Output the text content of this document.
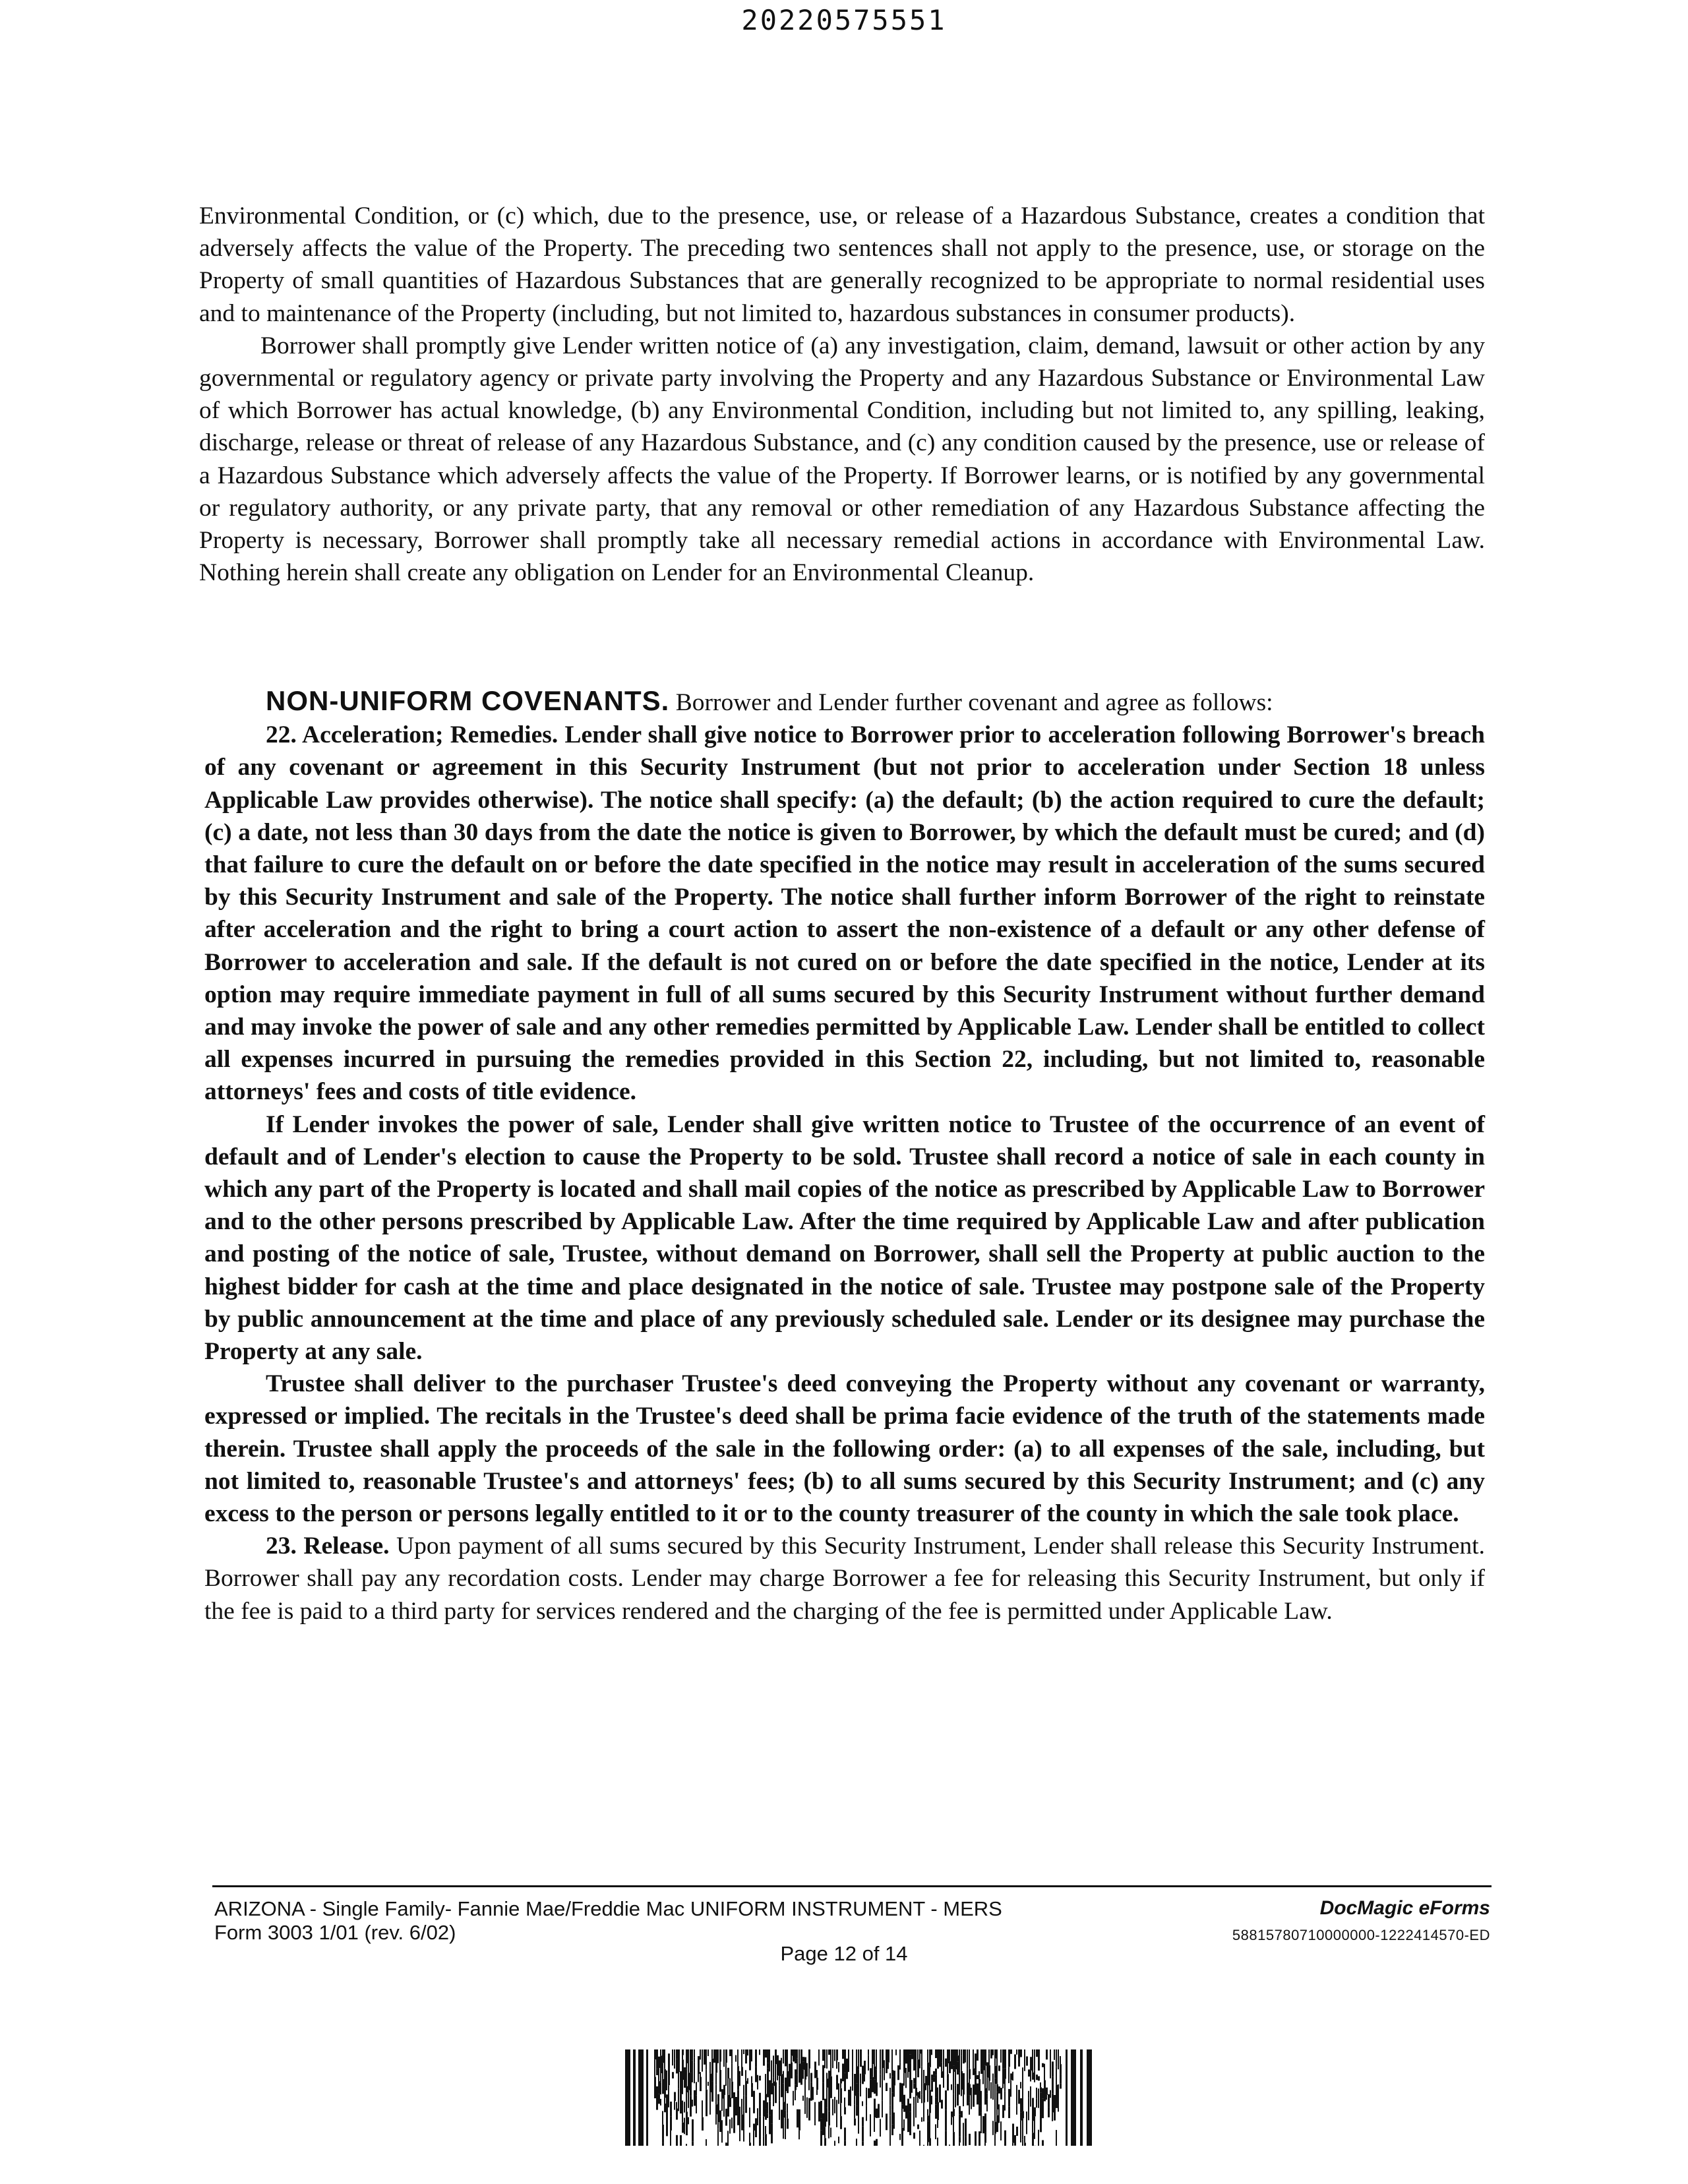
20220575551

Environmental Condition, or (c) which, due to the presence, use, or release of a Hazardous Substance, creates a condition that adversely affects the value of the Property. The preceding two sentences shall not apply to the presence, use, or storage on the Property of small quantities of Hazardous Substances that are generally recognized to be appropriate to normal residential uses and to maintenance of the Property (including, but not limited to, hazardous substances in consumer products).

Borrower shall promptly give Lender written notice of (a) any investigation, claim, demand, lawsuit or other action by any governmental or regulatory agency or private party involving the Property and any Hazardous Substance or Environmental Law of which Borrower has actual knowledge, (b) any Environmental Condition, including but not limited to, any spilling, leaking, discharge, release or threat of release of any Hazardous Substance, and (c) any condition caused by the presence, use or release of a Hazardous Substance which adversely affects the value of the Property. If Borrower learns, or is notified by any governmental or regulatory authority, or any private party, that any removal or other remediation of any Hazardous Substance affecting the Property is necessary, Borrower shall promptly take all necessary remedial actions in accordance with Environmental Law. Nothing herein shall create any obligation on Lender for an Environmental Cleanup.

NON-UNIFORM COVENANTS. Borrower and Lender further covenant and agree as follows:

22. Acceleration; Remedies. Lender shall give notice to Borrower prior to acceleration following Borrower's breach of any covenant or agreement in this Security Instrument (but not prior to acceleration under Section 18 unless Applicable Law provides otherwise). The notice shall specify: (a) the default; (b) the action required to cure the default; (c) a date, not less than 30 days from the date the notice is given to Borrower, by which the default must be cured; and (d) that failure to cure the default on or before the date specified in the notice may result in acceleration of the sums secured by this Security Instrument and sale of the Property. The notice shall further inform Borrower of the right to reinstate after acceleration and the right to bring a court action to assert the non-existence of a default or any other defense of Borrower to acceleration and sale. If the default is not cured on or before the date specified in the notice, Lender at its option may require immediate payment in full of all sums secured by this Security Instrument without further demand and may invoke the power of sale and any other remedies permitted by Applicable Law. Lender shall be entitled to collect all expenses incurred in pursuing the remedies provided in this Section 22, including, but not limited to, reasonable attorneys' fees and costs of title evidence.

If Lender invokes the power of sale, Lender shall give written notice to Trustee of the occurrence of an event of default and of Lender's election to cause the Property to be sold. Trustee shall record a notice of sale in each county in which any part of the Property is located and shall mail copies of the notice as prescribed by Applicable Law to Borrower and to the other persons prescribed by Applicable Law. After the time required by Applicable Law and after publication and posting of the notice of sale, Trustee, without demand on Borrower, shall sell the Property at public auction to the highest bidder for cash at the time and place designated in the notice of sale. Trustee may postpone sale of the Property by public announcement at the time and place of any previously scheduled sale. Lender or its designee may purchase the Property at any sale.

Trustee shall deliver to the purchaser Trustee's deed conveying the Property without any covenant or warranty, expressed or implied. The recitals in the Trustee's deed shall be prima facie evidence of the truth of the statements made therein. Trustee shall apply the proceeds of the sale in the following order: (a) to all expenses of the sale, including, but not limited to, reasonable Trustee's and attorneys' fees; (b) to all sums secured by this Security Instrument; and (c) any excess to the person or persons legally entitled to it or to the county treasurer of the county in which the sale took place.

23. Release. Upon payment of all sums secured by this Security Instrument, Lender shall release this Security Instrument. Borrower shall pay any recordation costs. Lender may charge Borrower a fee for releasing this Security Instrument, but only if the fee is paid to a third party for services rendered and the charging of the fee is permitted under Applicable Law.

ARIZONA - Single Family- Fannie Mae/Freddie Mac UNIFORM INSTRUMENT - MERS
Form 3003 1/01 (rev. 6/02)
Page 12 of 14
DocMagic eForms
58815780710000000-1222414570-ED
